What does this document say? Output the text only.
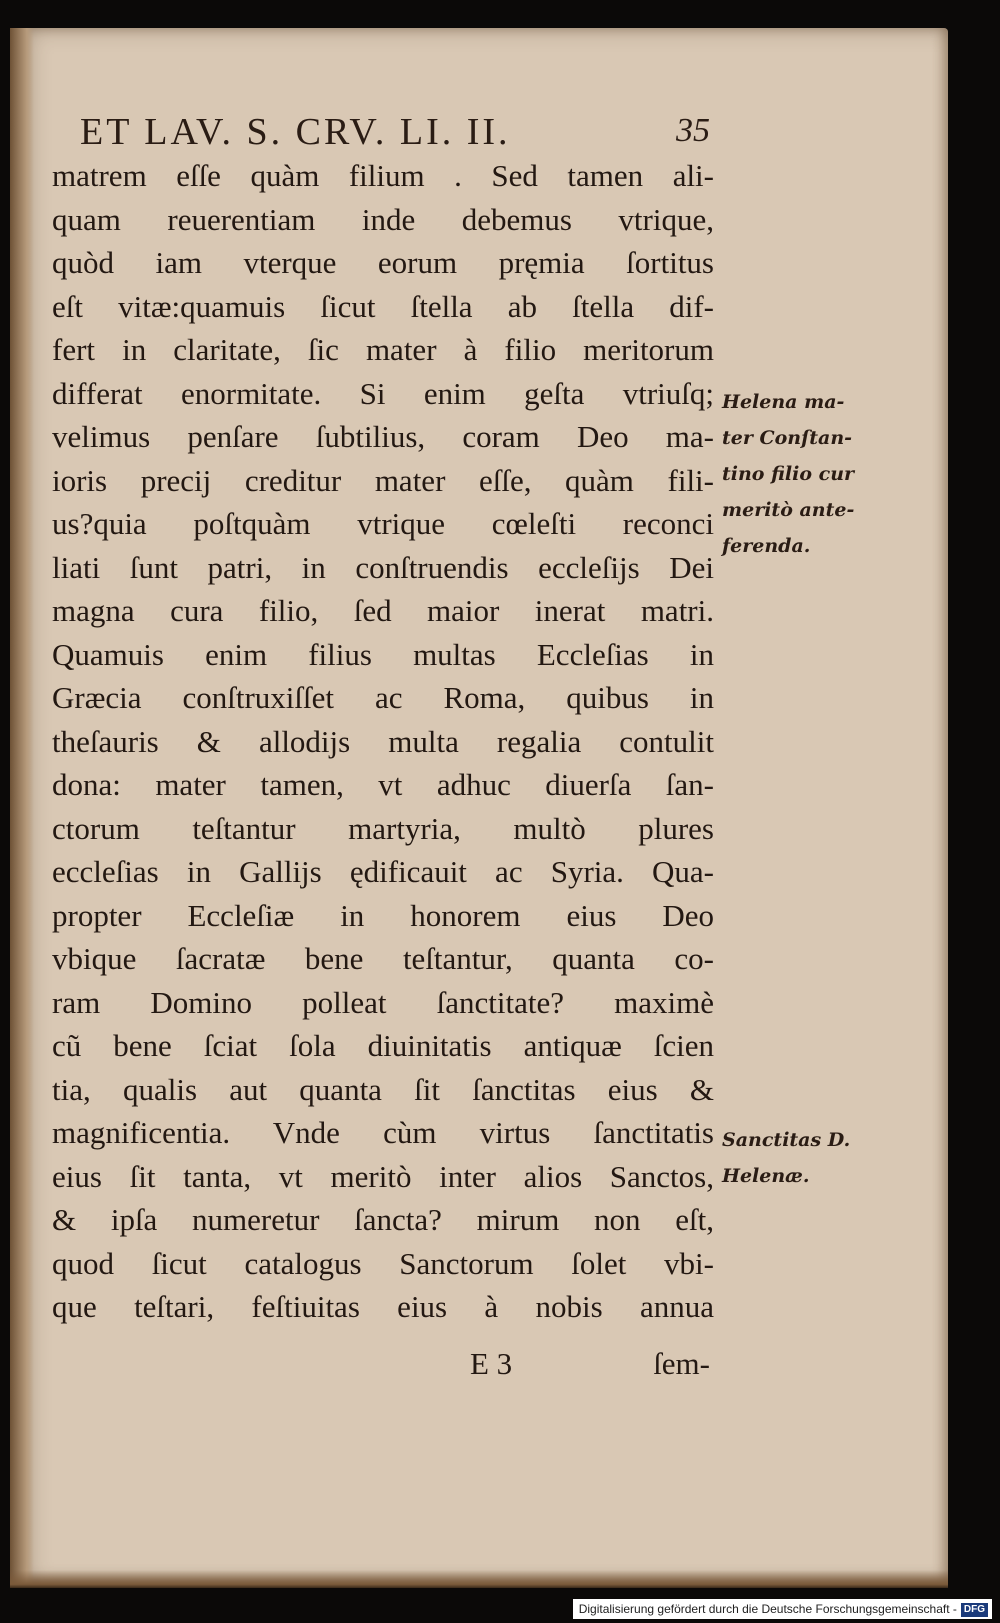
ET LAV. S. CRV. LI. II.	35
matrem eſſe quàm filium . Sed tamen ali-
quam reuerentiam inde debemus vtrique,
quòd iam vterque eorum pręmia ſortitus
eſt vitæ:quamuis ſicut ſtella ab ſtella dif-
fert in claritate, ſic mater à filio meritorum
differat enormitate. Si enim geſta vtriuſq;
velimus penſare ſubtilius, coram Deo ma-
ioris precij creditur mater eſſe, quàm fili-
us?quia poſtquàm vtrique cœleſti reconci
liati ſunt patri, in conſtruendis eccleſijs Dei
magna cura filio, ſed maior inerat matri.
Quamuis enim filius multas Eccleſias in
Græcia conſtruxiſſet ac Roma, quibus in
theſauris & allodijs multa regalia contulit
dona: mater tamen, vt adhuc diuerſa ſan-
ctorum teſtantur martyria, multò plures
eccleſias in Gallijs ędificauit ac Syria. Qua-
propter Eccleſiæ in honorem eius Deo
vbique ſacratæ bene teſtantur, quanta co-
ram Domino polleat ſanctitate? maximè
cũ bene ſciat ſola diuinitatis antiquæ ſcien
tia, qualis aut quanta ſit ſanctitas eius &
magnificentia. Vnde cùm virtus ſanctitatis
eius ſit tanta, vt meritò inter alios Sanctos,
& ipſa numeretur ſancta? mirum non eſt,
quod ſicut catalogus Sanctorum ſolet vbi-
que teſtari, feſtiuitas eius à nobis annua
Helena ma-
ter Conſtan-
tino filio cur
meritò ante-
ferenda.
Sanctitas D.
Helenæ.
E 3	ſem-
Digitalisierung gefördert durch die Deutsche Forschungsgemeinschaft - DFG
